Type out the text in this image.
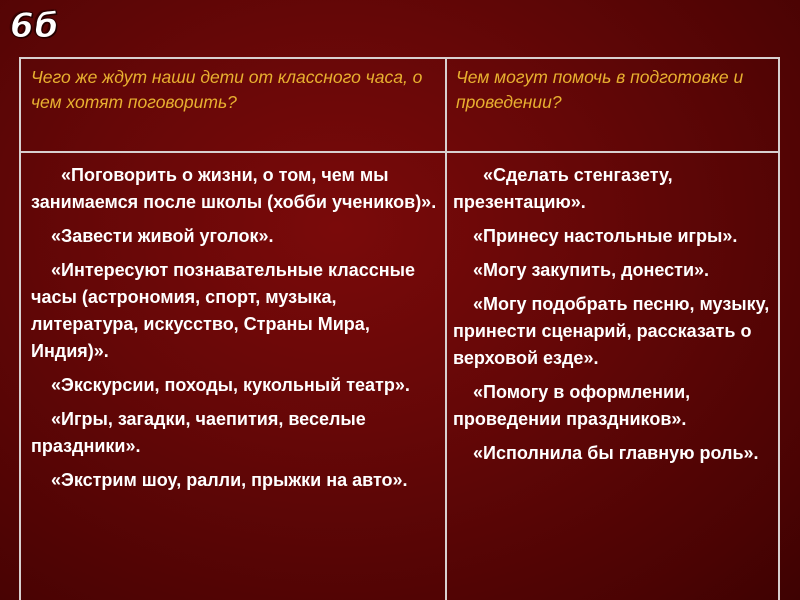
6б
Чего же ждут наши дети от классного часа, о чем хотят поговорить?
Чем могут помочь в подготовке и проведении?

«Поговорить о жизни, о том, чем мы занимаемся после школы (хобби учеников)».

«Завести живой уголок».

«Интересуют познавательные классные часы (астрономия, спорт, музыка, литература, искусство, Страны Мира, Индия)».

«Экскурсии, походы, кукольный театр».

«Игры, загадки, чаепития, веселые праздники».

«Экстрим шоу, ралли, прыжки на авто».

«Сделать стенгазету, презентацию».

«Принесу настольные игры».

«Могу закупить, донести».

«Могу подобрать песню, музыку, принести сценарий, рассказать о верховой езде».

«Помогу в оформлении, проведении праздников».

«Исполнила бы главную роль».
